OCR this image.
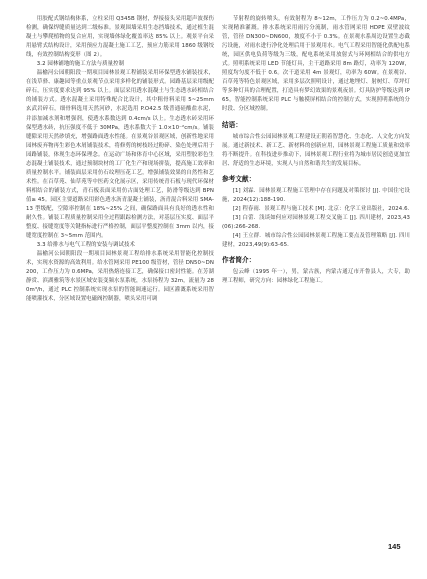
用胶配式钢结构体系，立柱采用 Q345B 钢材，焊接接头采用超声波探伤检测，确保焊缝质量达到二级标准。景观围墙采用生态挡墙技术，通过植生混凝土与攀爬植物的复合应用，实现墙体绿化覆盖率达 85% 以上。观景平台采用悬臂式结构设计，采用预应力混凝土施工工艺，预应力筋采用 1860 级钢绞线，有效控制结构变形（图 2）。

3.2 园林铺地的施工方法与质量控制

温榆河公园朝阳段一期项目园林景观工程铺装采用环保型透水铺装技术，在浅草驿、康趣园等重点景观节点采用多样化的铺装形式。园路基层采用级配碎石，压实度要求达到 95% 以上。面层采用透水混凝土与生态透水砖相结合的铺装方式。透水混凝土采用特殊配合比设计，其中粗骨料采用 5~25mm 玄武岩碎石，细骨料选用天然河砂，水泥选用 P.O42.5 级普通硅酸盐水泥，并添加减水剂和增强剂，使透水系数达到 0.4cm/s 以上。生态透水砖采用环保型透水砖，抗压强度不低于 30MPa，透水系数大于 1.0×10⁻²cm/s。铺装缝隙采用天然砂填充，增强路面透水性能。在景观谷景观区域，创新性地采用园林废弃物再生彩色木屑铺装技术，将修剪的树枝经过粉碎、染色处理后用于园路铺装，体现生态环保理念。在运动广场和体育中心区域，采用塑胶彩色生态混凝土铺装技术，通过预制块材的工厂化生产和现场拼装，提高施工效率和质量控制水平。铺装面层采用仿石纹理压花工艺，增强铺装效果的自然性和艺术性。在百草苑、仙草苑等中医药文化展示区，采用传统青石板与现代环保材料相结合的铺装方式，青石板表面采用仿古面处理工艺，防滑等级达到 BPN 值≥ 45。园区主要道路采用彩色透水沥青混凝土铺装，沥青混合料采用 SMA-13 型级配，空隙率控制在 18%~25% 之间，确保路面具有良好的透水性和耐久性。铺装工程质量控制采用全过程跟踪检测方法，对基层压实度、面层平整度、接缝宽度等关键指标进行严格控制，面层平整度控制在 3mm 以内，接缝宽度控制在 3~5mm 范围内。

3.3 给排水与电气工程的安装与调试技术

温榆河公园朝阳段一期项目园林景观工程给排水系统采用智能化控制技术，实现水资源的高效利用。给水管网采用 PE100 级管材，管径 DN50~DN200，工作压力为 0.6MPa，采用热熔连接工艺，确保接口密封性能。在芳湖静赏、滨湖雅筑等水景区域安装变频水泵系统，水泵扬程为 32m，流量为 280m³/h，通过 PLC 控制系统实现水泵的智能调速运行。园区灌溉系统采用智能喷灌技术，分区域设置电磁阀控制器，喷头采用可调

节射程的旋转喷头，有效射程为 8~12m，工作压力为 0.2~0.4MPa，实现精准灌溉。排水系统采用雨污分流制，雨水管网采用 HDPE 双壁波纹管，管径 DN300~DN600，坡度不小于 0.3%。在景观水系周边设置生态截污设施，对雨水进行净化处理后用于景观用水。电气工程采用智能化供配电系统，园区供电负荷等级为三级，配电系统采用放射式与环网相结合的供电方式。照明系统采用 LED 节能灯具，主干道路采用 8m 路灯，功率为 120W，照度均匀度不低于 0.6。次干道采用 4m 景观灯，功率为 60W。在景观谷、百草苑等特色景观区域，采用多层次照明设计，通过地埋灯、射树灯、草坪灯等多种灯具的合理配置，打造具有梦幻效果的景观夜景。灯具防护等级达到 IP65，智能控制系统采用 PLC 与触摸屏相结合的控制方式，实现照明系统的分时段、分区域控制。

结语：

城市综合性公园园林景观工程建设正朝着智慧化、生态化、人文化方向发展。通过新技术、新工艺、新材料的创新应用，园林景观工程施工质量和效率将不断提升。在科技进步推动下，园林景观工程行业将为城市居民创造更加宜居、舒适的生态环境，实现人与自然和谐共生的发展目标。

参考文献：

[1] 刘霖．园林景观工程施工管理中存在问题及对策探讨 [J]. 中国住宅设施，2024(12):188-190.

[2] 程春雨．景观工程与施工技术 [M]. 北京：化学工业出版社，2024.6.

[3] 白蕾．浅谈如何应对园林景观工程交叉施工 [J]. 四川建材，2023,43(06):266-268.

[4] 王立群．城市综合性公园园林景观工程施工要点及管理策略 [J]. 四川建材，2023,49(9):63-65.

作者简介：

包云峰（1995 年一），男，蒙古族，内蒙古通辽市开鲁县人，大专，助理工程师，研究方向：园林绿化工程施工。

145
